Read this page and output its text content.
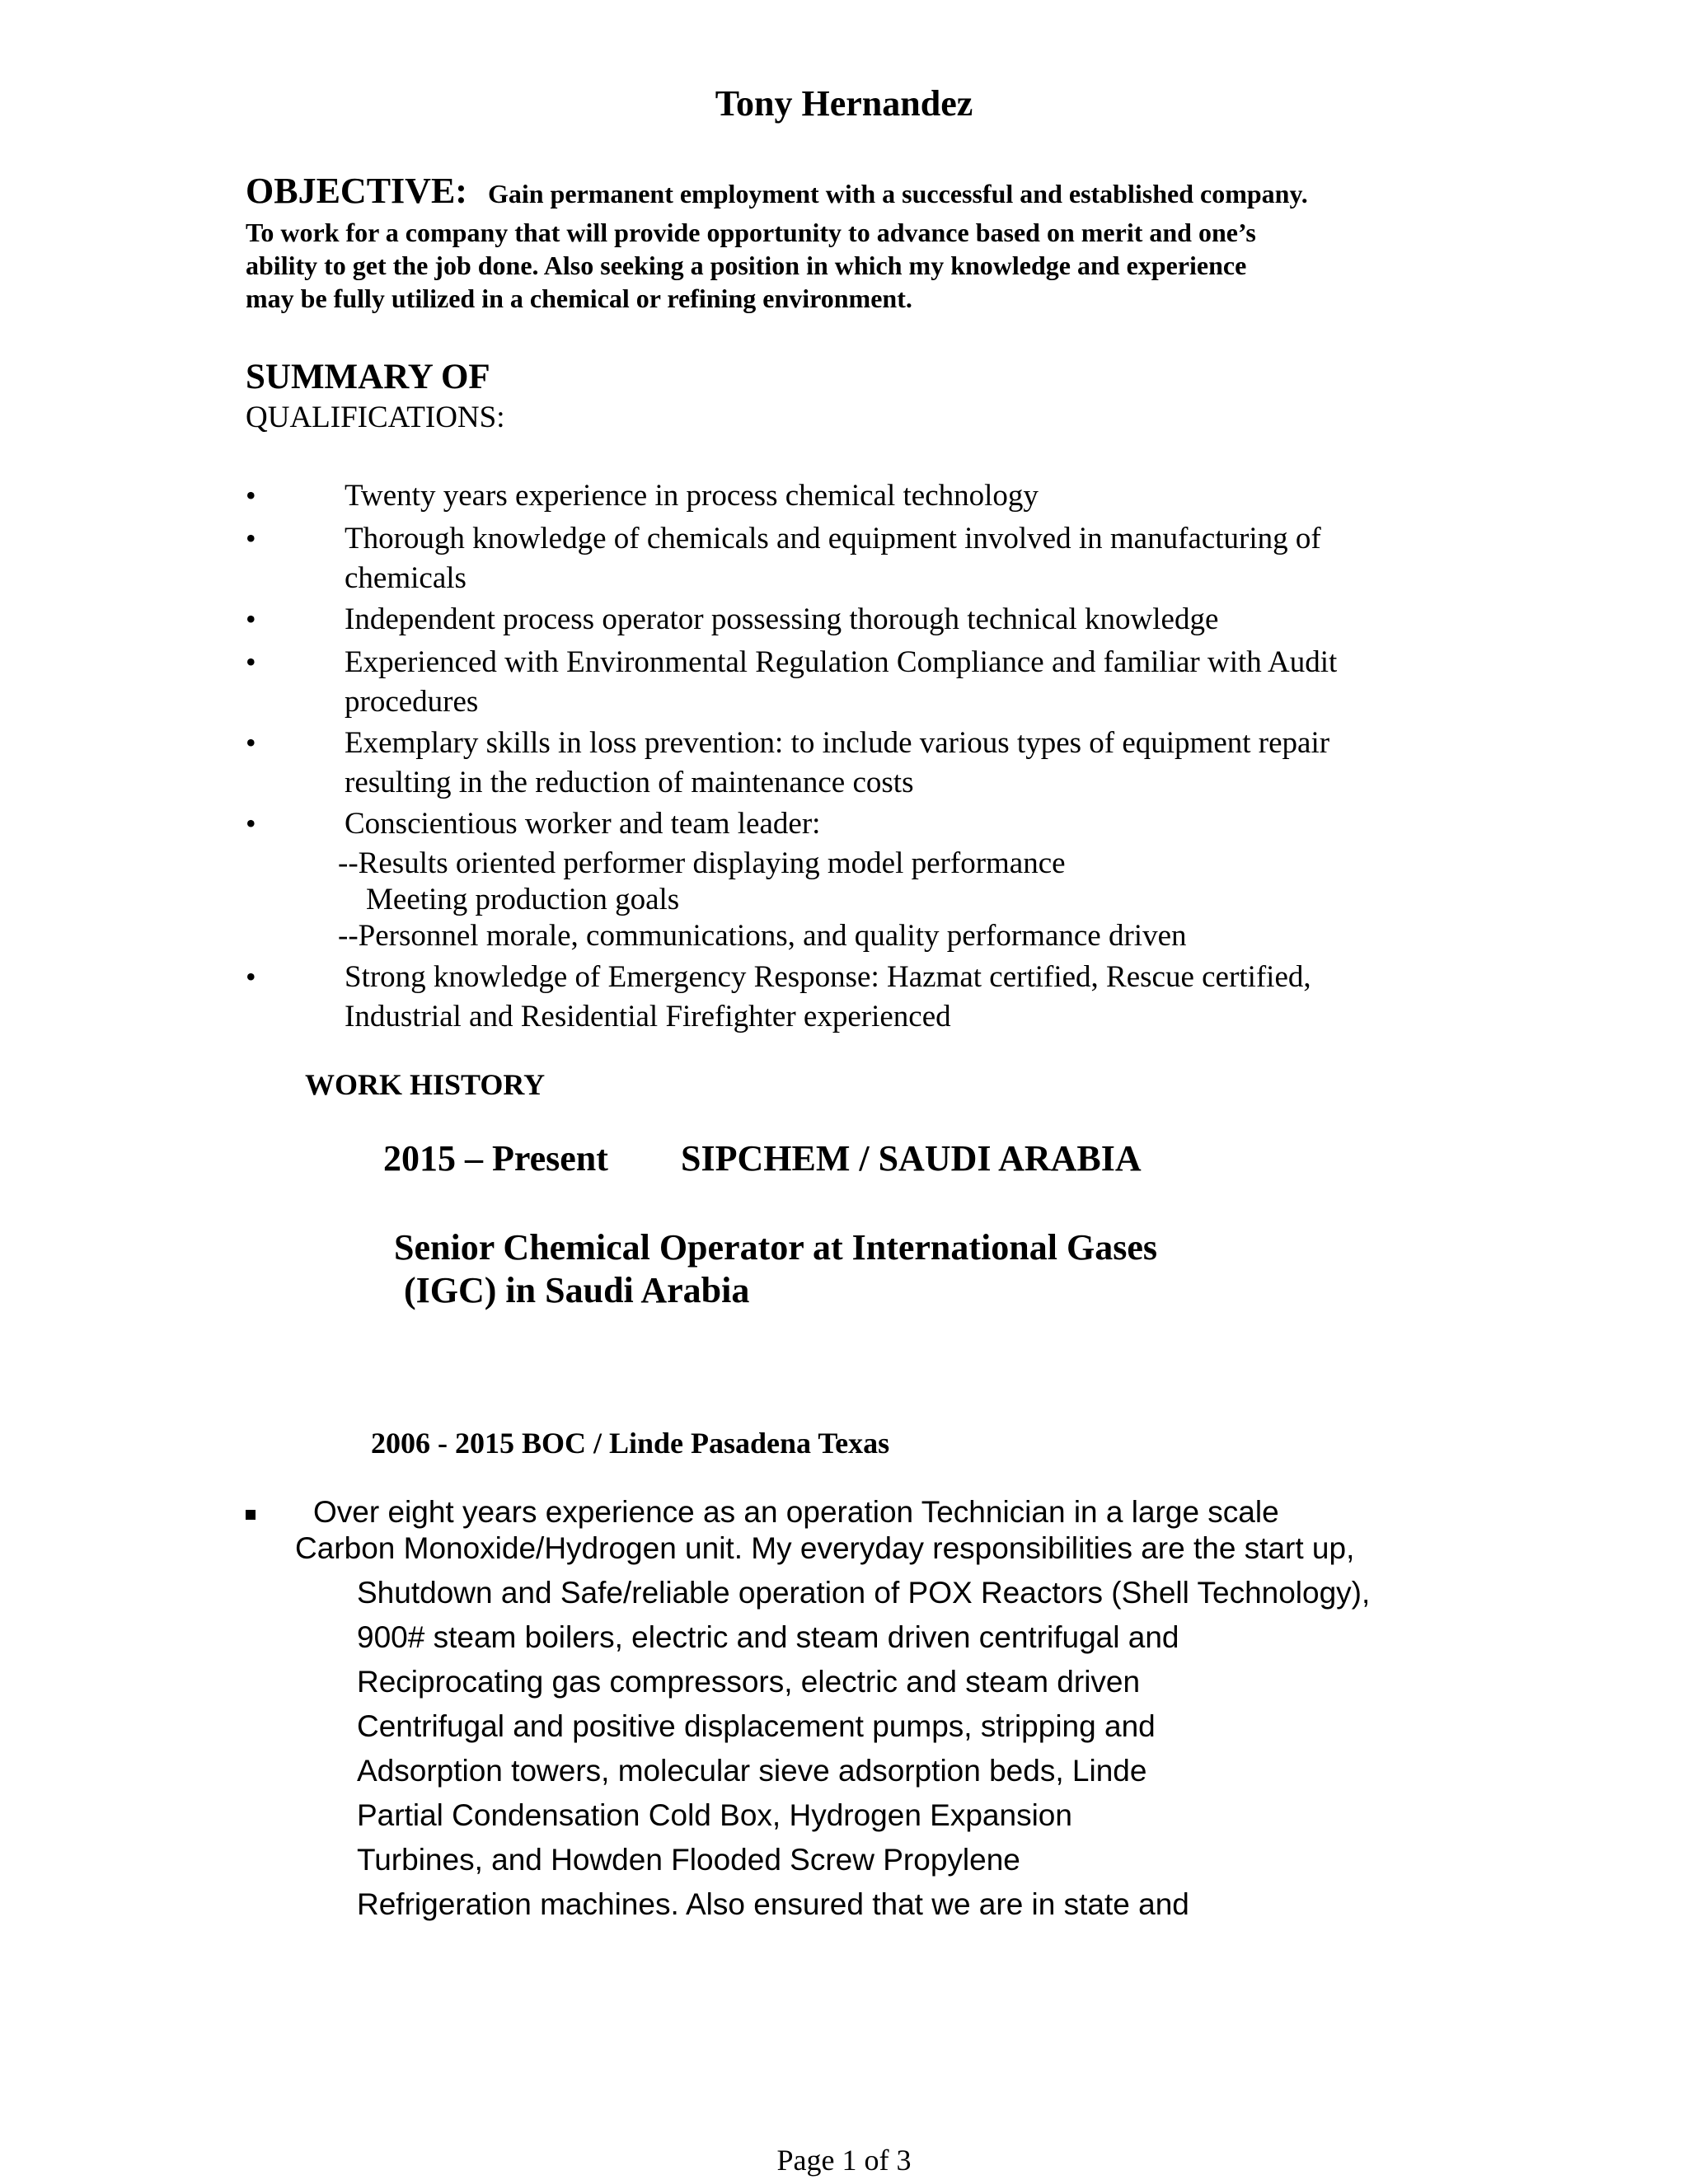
Tony Hernandez
OBJECTIVE: Gain permanent employment with a successful and established company.
To work for a company that will provide opportunity to advance based on merit and one’s
ability to get the job done. Also seeking a position in which my knowledge and experience
may be fully utilized in a chemical or refining environment.
SUMMARY OF
QUALIFICATIONS:
•	Twenty years experience in process chemical technology
•	Thorough knowledge of chemicals and equipment involved in manufacturing of
chemicals
•	Independent process operator possessing thorough technical knowledge
•	Experienced with Environmental Regulation Compliance and familiar with Audit
procedures
•	Exemplary skills in loss prevention: to include various types of equipment repair
resulting in the reduction of maintenance costs
•	Conscientious worker and team leader:
--Results oriented performer displaying model performance
Meeting production goals
--Personnel morale, communications, and quality performance driven
•	Strong knowledge of Emergency Response: Hazmat certified, Rescue certified,
Industrial and Residential Firefighter experienced
WORK HISTORY
2015 – Present SIPCHEM / SAUDI ARABIA
Senior Chemical Operator at International Gases
(IGC) in Saudi Arabia
2006 - 2015 BOC / Linde Pasadena Texas
Over eight years experience as an operation Technician in a large scale
Carbon Monoxide/Hydrogen unit. My everyday responsibilities are the start up,
Shutdown and Safe/reliable operation of POX Reactors (Shell Technology),
900# steam boilers, electric and steam driven centrifugal and
Reciprocating gas compressors, electric and steam driven
Centrifugal and positive displacement pumps, stripping and
Adsorption towers, molecular sieve adsorption beds, Linde
Partial Condensation Cold Box, Hydrogen Expansion
Turbines, and Howden Flooded Screw Propylene
Refrigeration machines. Also ensured that we are in state and
Page 1 of 3
